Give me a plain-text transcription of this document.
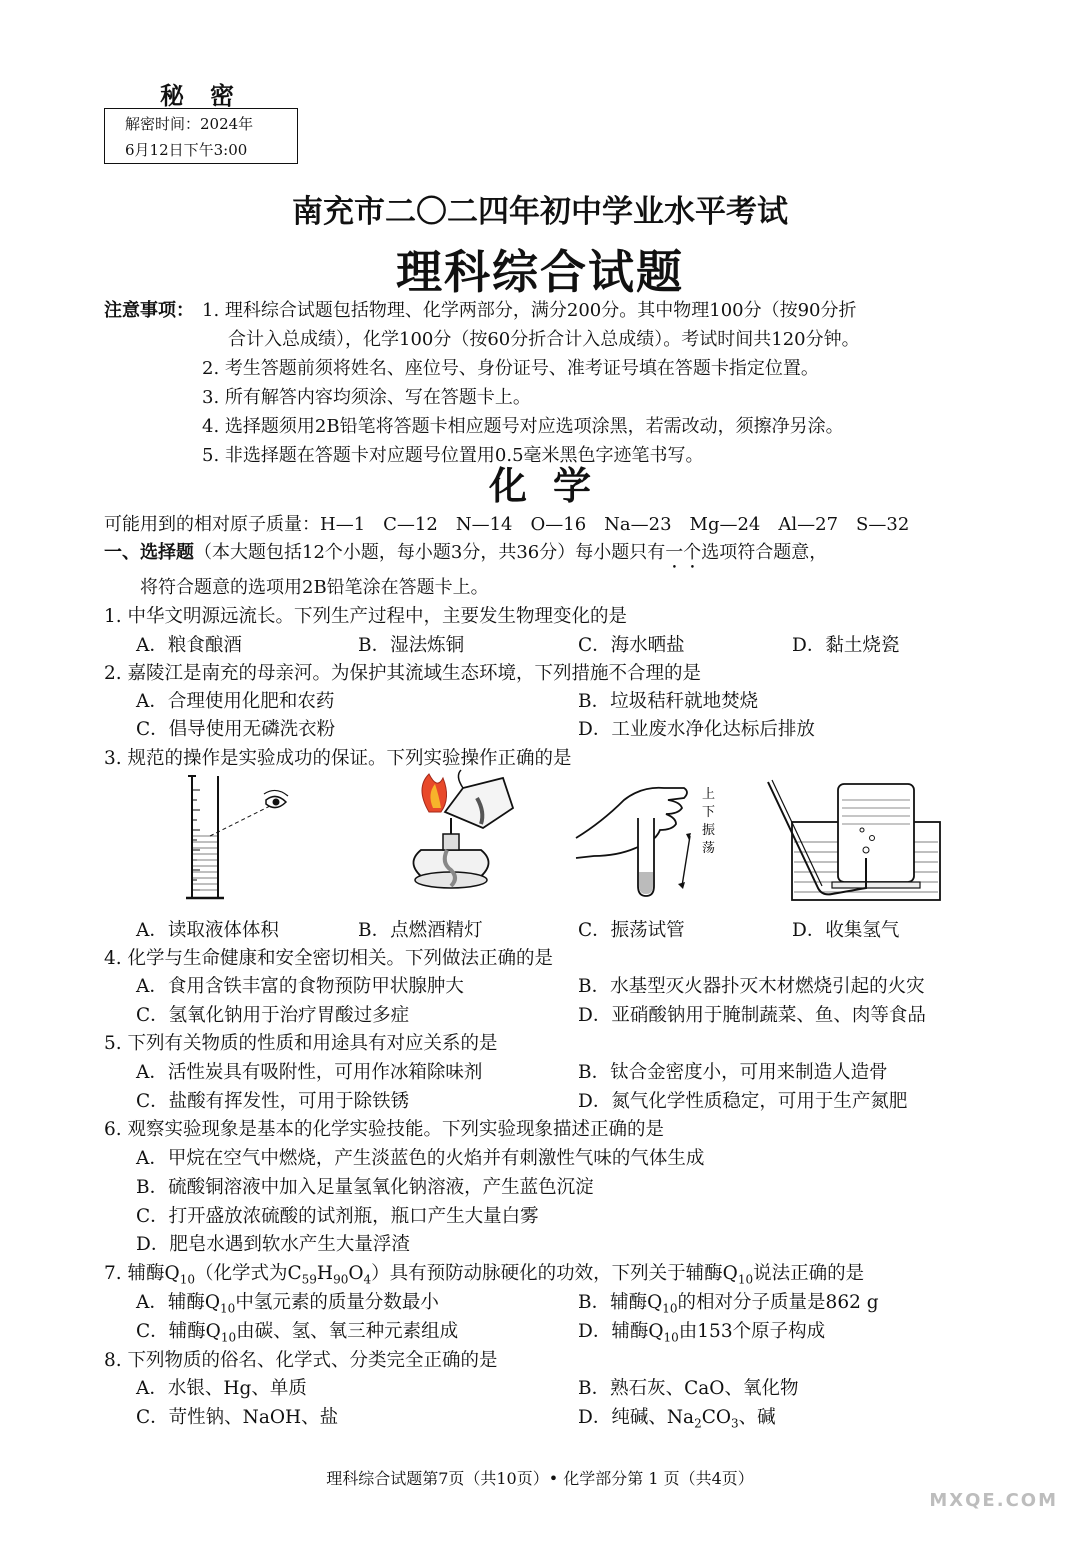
秘密
解密时间：2024年
6月12日下午3:00
南充市二〇二四年初中学业水平考试
理科综合试题
注意事项： 1. 理科综合试题包括物理、化学两部分，满分200分。其中物理100分（按90分折
合计入总成绩），化学100分（按60分折合计入总成绩）。考试时间共120分钟。
2. 考生答题前须将姓名、座位号、身份证号、准考证号填在答题卡指定位置。
3. 所有解答内容均须涂、写在答题卡上。
4. 选择题须用2B铅笔将答题卡相应题号对应选项涂黑，若需改动，须擦净另涂。
5. 非选择题在答题卡对应题号位置用0.5毫米黑色字迹笔书写。
化学
可能用到的相对原子质量：H—1　C—12　N—14　O—16　Na—23　Mg—24　Al—27　S—32
一、选择题（本大题包括12个小题，每小题3分，共36分）每小题只有一个选项符合题意，
将符合题意的选项用2B铅笔涂在答题卡上。
1. 中华文明源远流长。下列生产过程中，主要发生物理变化的是
A．粮食酿酒	B．湿法炼铜	C．海水晒盐	D．黏土烧瓷
2. 嘉陵江是南充的母亲河。为保护其流域生态环境，下列措施不合理的是
A．合理使用化肥和农药	B．垃圾秸秆就地焚烧
C．倡导使用无磷洗衣粉	D．工业废水净化达标后排放
3. 规范的操作是实验成功的保证。下列实验操作正确的是
上
下
振
荡
A．读取液体体积	B．点燃酒精灯	C．振荡试管	D．收集氢气
4. 化学与生命健康和安全密切相关。下列做法正确的是
A．食用含铁丰富的食物预防甲状腺肿大	B．水基型灭火器扑灭木材燃烧引起的火灾
C．氢氧化钠用于治疗胃酸过多症	D．亚硝酸钠用于腌制蔬菜、鱼、肉等食品
5. 下列有关物质的性质和用途具有对应关系的是
A．活性炭具有吸附性，可用作冰箱除味剂	B．钛合金密度小，可用来制造人造骨
C．盐酸有挥发性，可用于除铁锈	D．氮气化学性质稳定，可用于生产氮肥
6. 观察实验现象是基本的化学实验技能。下列实验现象描述正确的是
A．甲烷在空气中燃烧，产生淡蓝色的火焰并有刺激性气味的气体生成
B．硫酸铜溶液中加入足量氢氧化钠溶液，产生蓝色沉淀
C．打开盛放浓硫酸的试剂瓶，瓶口产生大量白雾
D．肥皂水遇到软水产生大量浮渣
7. 辅酶$Q_{10}$（化学式为$C_{59}H_{90}O_4$）具有预防动脉硬化的功效，下列关于辅酶$Q_{10}$说法正确的是
A．辅酶$Q_{10}$中氢元素的质量分数最小	B．辅酶$Q_{10}$的相对分子质量是862 g
C．辅酶$Q_{10}$由碳、氢、氧三种元素组成	D．辅酶$Q_{10}$由153个原子构成
8. 下列物质的俗名、化学式、分类完全正确的是
A．水银、Hg、单质	B．熟石灰、CaO、氧化物
C．苛性钠、NaOH、盐	D．纯碱、$Na_2CO_3$、碱
理科综合试题第7页（共10页）• 化学部分第 1 页（共4页）
MXQE.COM
